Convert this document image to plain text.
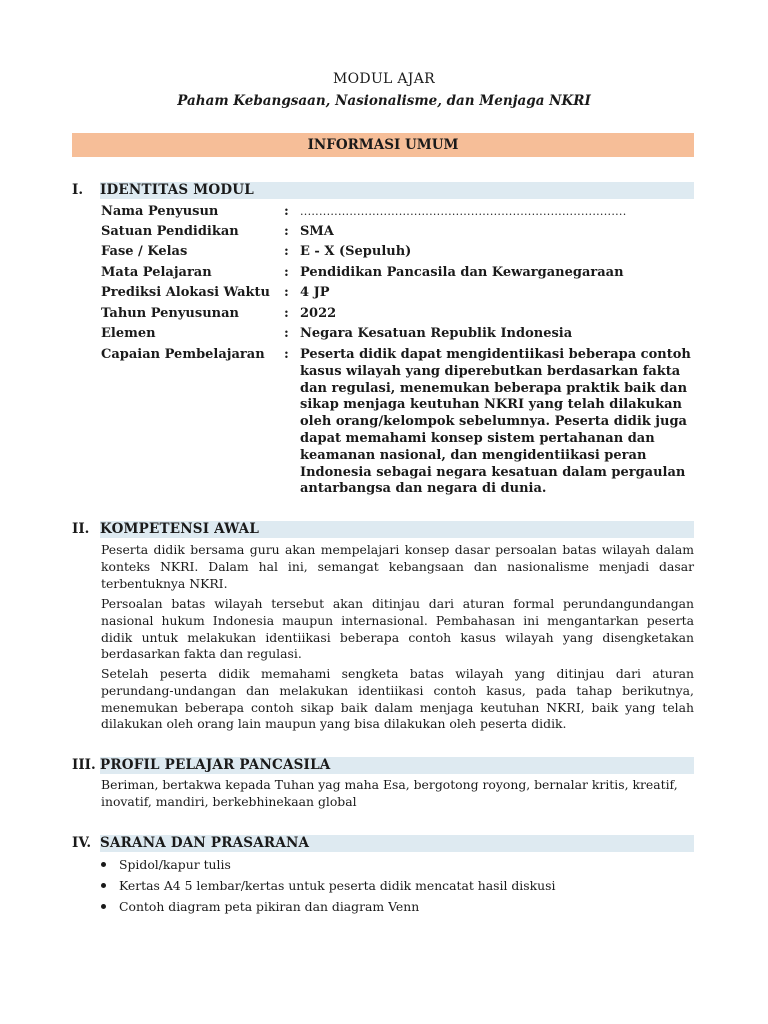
MODUL AJAR
Paham Kebangsaan, Nasionalisme, dan Menjaga NKRI
INFORMASI UMUM
I. IDENTITAS MODUL
Nama Penyusun	: ......................................................................................
Satuan Pendidikan	: SMA
Fase / Kelas	: E - X (Sepuluh)
Mata Pelajaran	: Pendidikan Pancasila dan Kewarganegaraan
Prediksi Alokasi Waktu : 4 JP
Tahun Penyusunan	: 2022
Elemen	: Negara Kesatuan Republik Indonesia
Capaian Pembelajaran : Peserta didik dapat mengidentiikasi beberapa contoh kasus wilayah yang diperebutkan berdasarkan fakta dan regulasi, menemukan beberapa praktik baik dan sikap menjaga keutuhan NKRI yang telah dilakukan oleh orang/kelompok sebelumnya. Peserta didik juga dapat memahami konsep sistem pertahanan dan keamanan nasional, dan mengidentiikasi peran Indonesia sebagai negara kesatuan dalam pergaulan antarbangsa dan negara di dunia.
II. KOMPETENSI AWAL
Peserta didik bersama guru akan mempelajari konsep dasar persoalan batas wilayah dalam konteks NKRI. Dalam hal ini, semangat kebangsaan dan nasionalisme menjadi dasar terbentuknya NKRI.
Persoalan batas wilayah tersebut akan ditinjau dari aturan formal perundangundangan nasional hukum Indonesia maupun internasional. Pembahasan ini mengantarkan peserta didik untuk melakukan identiikasi beberapa contoh kasus wilayah yang disengketakan berdasarkan fakta dan regulasi.
Setelah peserta didik memahami sengketa batas wilayah yang ditinjau dari aturan perundang-undangan dan melakukan identiikasi contoh kasus, pada tahap berikutnya, menemukan beberapa contoh sikap baik dalam menjaga keutuhan NKRI, baik yang telah dilakukan oleh orang lain maupun yang bisa dilakukan oleh peserta didik.
III. PROFIL PELAJAR PANCASILA
Beriman, bertakwa kepada Tuhan yag maha Esa, bergotong royong, bernalar kritis, kreatif, inovatif, mandiri, berkebhinekaan global
IV. SARANA DAN PRASARANA
Spidol/kapur tulis
Kertas A4 5 lembar/kertas untuk peserta didik mencatat hasil diskusi
Contoh diagram peta pikiran dan diagram Venn
